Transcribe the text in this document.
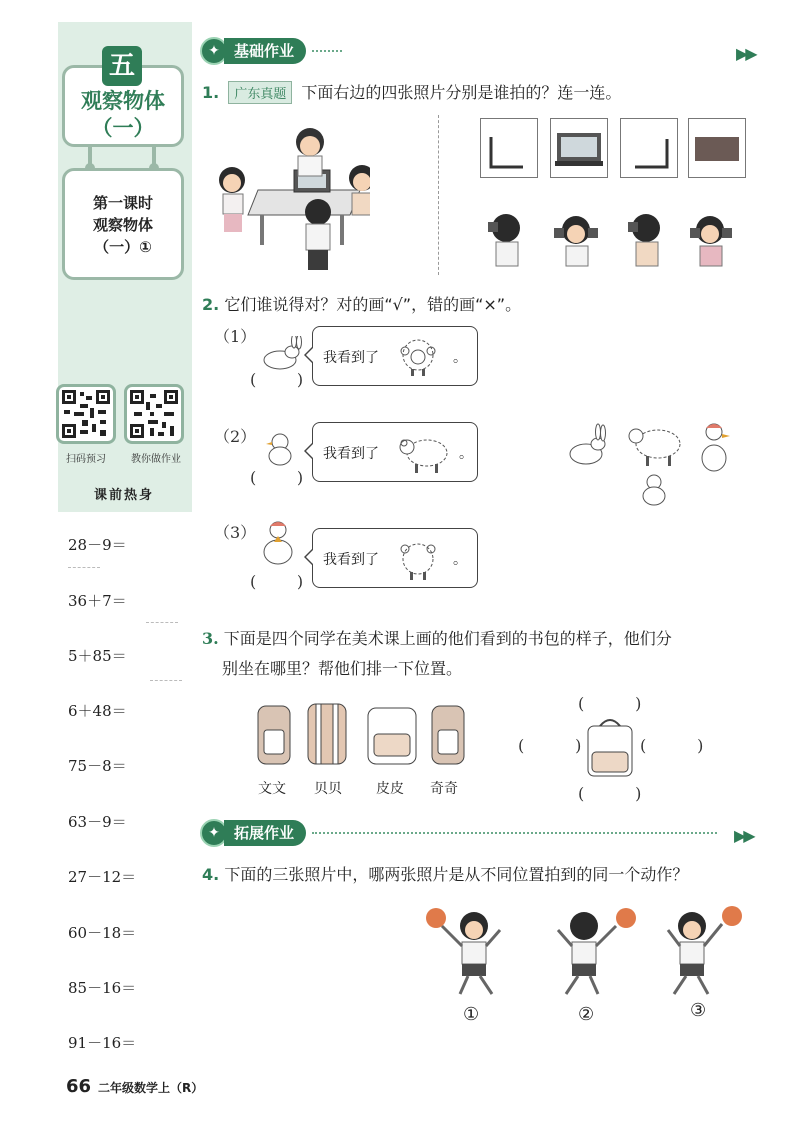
五
观察物体
（一）
第一课时
观察物体
（一）①
扫码预习	教你做作业
课前热身
28－9＝
36＋7＝
5＋85＝
6＋48＝
75－8＝
63－9＝
27－12＝
60－18＝
85－16＝
91－16＝
✦ 基础作业	▶▶
1. 广东真题 下面右边的四张照片分别是谁拍的？连一连。
2. 它们谁说得对？对的画“√”，错的画“×”。
（1）
(        )
我看到了	。
（2）
(        )
我看到了	。
（3）
(        )
我看到了	。
3. 下面是四个同学在美术课上画的他们看到的书包的样子，他们分
别坐在哪里？帮他们排一下位置。
文文 贝贝 皮皮 奇奇
(          )
(          )	(          )
(          )
✦ 拓展作业	▶▶
4. 下面的三张照片中，哪两张照片是从不同位置拍到的同一个动作？
①	②	③
66 二年级数学上（R）
